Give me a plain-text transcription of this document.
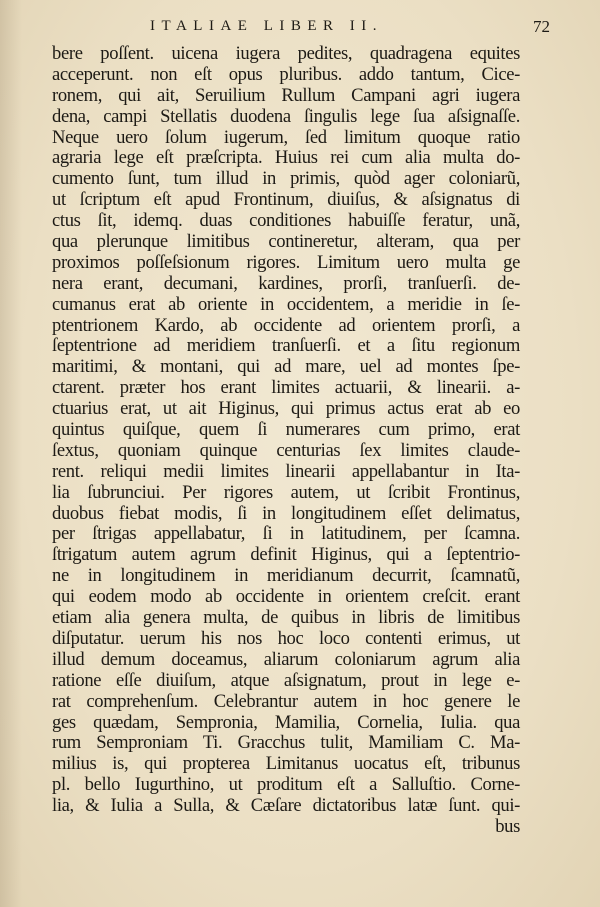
ITALIAE LIBER II.	72
bere poſſent. uicena iugera pedites, quadragena equites
acceperunt. non eſt opus pluribus. addo tantum, Cice-
ronem, qui ait, Seruilium Rullum Campani agri iugera
dena, campi Stellatis duodena ſingulis lege ſua aſsignaſſe.
Neque uero ſolum iugerum, ſed limitum quoque ratio
agraria lege eſt præſcripta. Huius rei cum alia multa do-
cumento ſunt, tum illud in primis, quòd ager coloniarũ,
ut ſcriptum eſt apud Frontinum, diuiſus, & aſsignatus di
ctus ſit, idemq. duas conditiones habuiſſe feratur, unã,
qua plerunque limitibus contineretur, alteram, qua per
proximos poſſeſsionum rigores. Limitum uero multa ge
nera erant, decumani, kardines, prorſi, tranſuerſi. de-
cumanus erat ab oriente in occidentem, a meridie in ſe-
ptentrionem Kardo, ab occidente ad orientem prorſi, a
ſeptentrione ad meridiem tranſuerſi. et a ſitu regionum
maritimi, & montani, qui ad mare, uel ad montes ſpe-
ctarent. præter hos erant limites actuarii, & linearii. a-
ctuarius erat, ut ait Higinus, qui primus actus erat ab eo
quintus quiſque, quem ſi numerares cum primo, erat
ſextus, quoniam quinque centurias ſex limites claude-
rent. reliqui medii limites linearii appellabantur in Ita-
lia ſubrunciui. Per rigores autem, ut ſcribit Frontinus,
duobus fiebat modis, ſi in longitudinem eſſet delimatus,
per ſtrigas appellabatur, ſi in latitudinem, per ſcamna.
ſtrigatum autem agrum definit Higinus, qui a ſeptentrio-
ne in longitudinem in meridianum decurrit, ſcamnatũ,
qui eodem modo ab occidente in orientem creſcit. erant
etiam alia genera multa, de quibus in libris de limitibus
diſputatur. uerum his nos hoc loco contenti erimus, ut
illud demum doceamus, aliarum coloniarum agrum alia
ratione eſſe diuiſum, atque aſsignatum, prout in lege e-
rat comprehenſum. Celebrantur autem in hoc genere le
ges quædam, Sempronia, Mamilia, Cornelia, Iulia. qua
rum Semproniam Ti. Gracchus tulit, Mamiliam C. Ma-
milius is, qui propterea Limitanus uocatus eſt, tribunus
pl. bello Iugurthino, ut proditum eſt a Salluſtio. Corne-
lia, & Iulia a Sulla, & Cæſare dictatoribus latæ ſunt. qui-
bus
